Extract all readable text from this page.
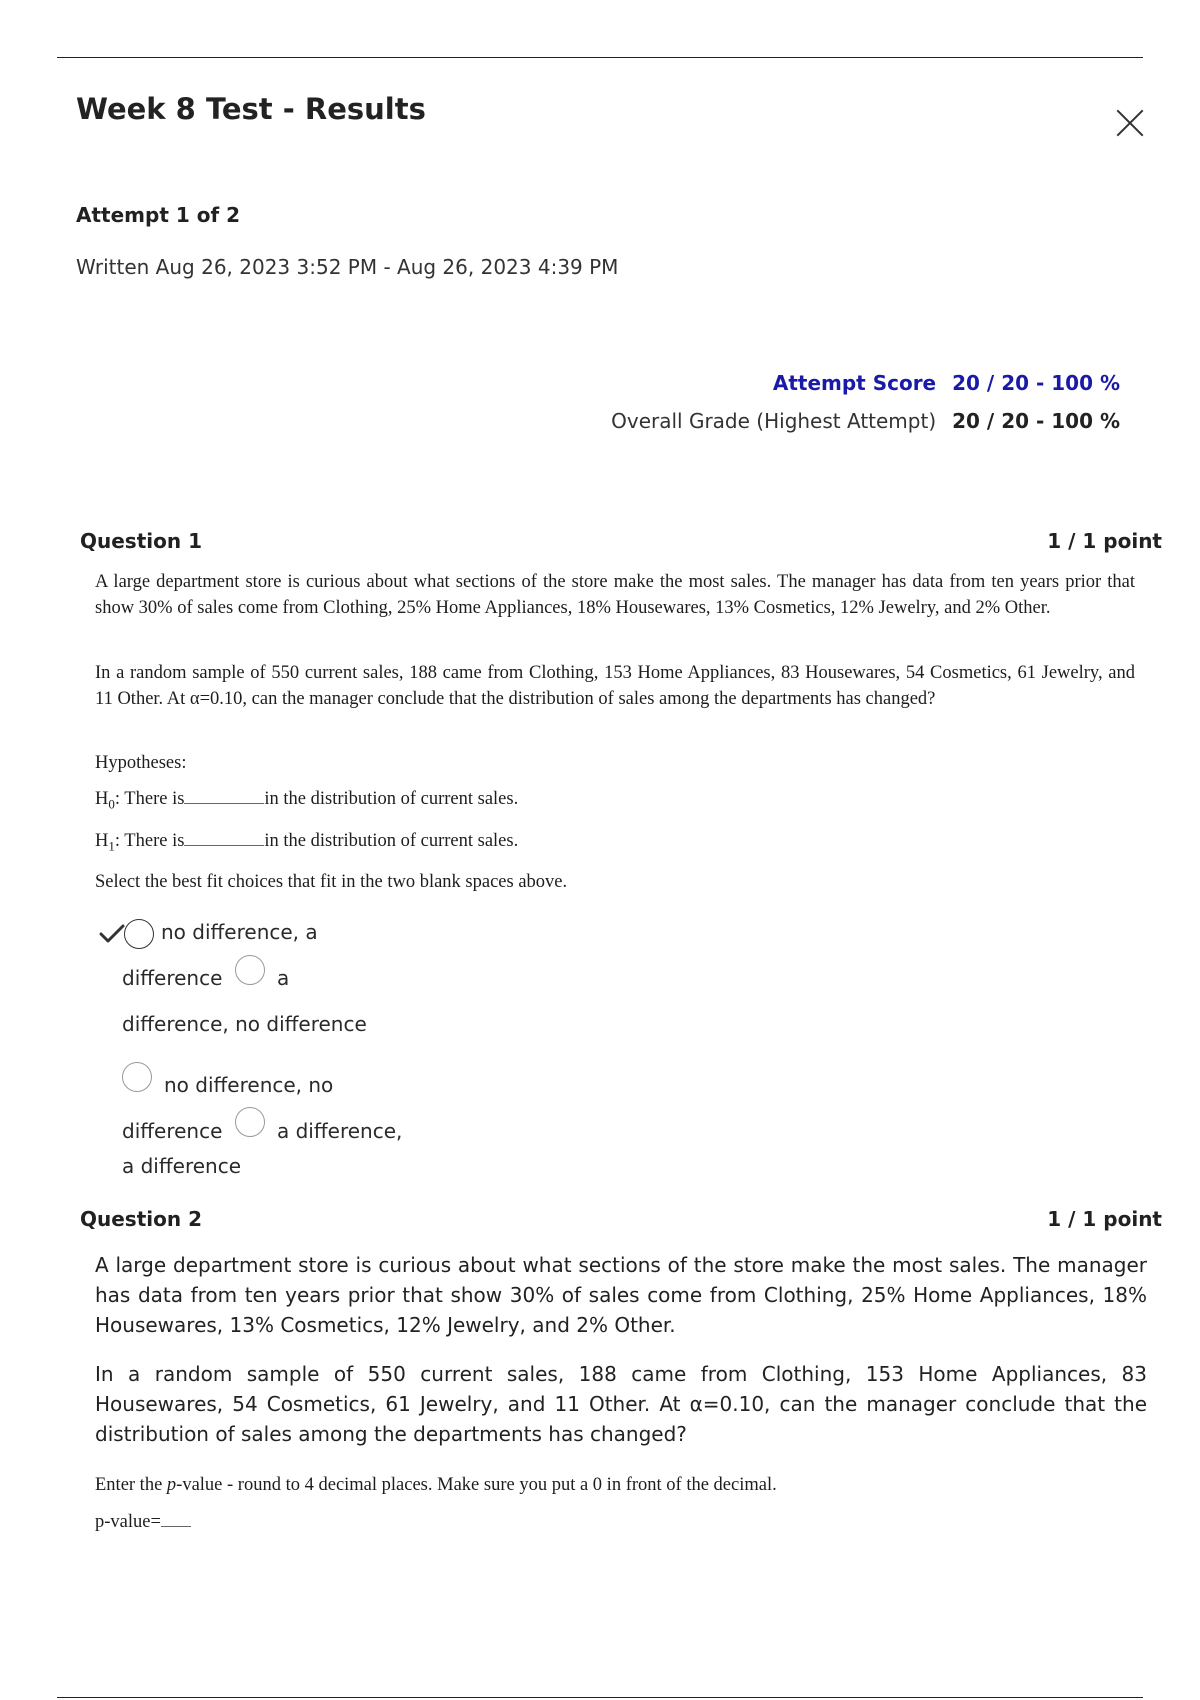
Week 8 Test - Results
Attempt 1 of 2
Written Aug 26, 2023 3:52 PM - Aug 26, 2023 4:39 PM
Attempt Score 20 / 20 - 100 %
Overall Grade (Highest Attempt) 20 / 20 - 100 %
Question 1	1 / 1 point
A large department store is curious about what sections of the store make the most sales. The manager has data from ten years prior that show 30% of sales come from Clothing, 25% Home Appliances, 18% Housewares, 13% Cosmetics, 12% Jewelry, and 2% Other.
In a random sample of 550 current sales, 188 came from Clothing, 153 Home Appliances, 83 Housewares, 54 Cosmetics, 61 Jewelry, and 11 Other. At α=0.10, can the manager conclude that the distribution of sales among the departments has changed?
Hypotheses:
$H_0$: There is	in the distribution of current sales.
$H_1$: There is	in the distribution of current sales.
Select the best fit choices that fit in the two blank spaces above.
no difference, a
difference	a
difference, no difference
no difference, no
difference	a difference,
a difference
Question 2	1 / 1 point
A large department store is curious about what sections of the store make the most sales. The manager has data from ten years prior that show 30% of sales come from Clothing, 25% Home Appliances, 18% Housewares, 13% Cosmetics, 12% Jewelry, and 2% Other.
In a random sample of 550 current sales, 188 came from Clothing, 153 Home Appliances, 83 Housewares, 54 Cosmetics, 61 Jewelry, and 11 Other. At α=0.10, can the manager conclude that the distribution of sales among the departments has changed?
Enter the p-value - round to 4 decimal places. Make sure you put a 0 in front of the decimal.
p-value=
